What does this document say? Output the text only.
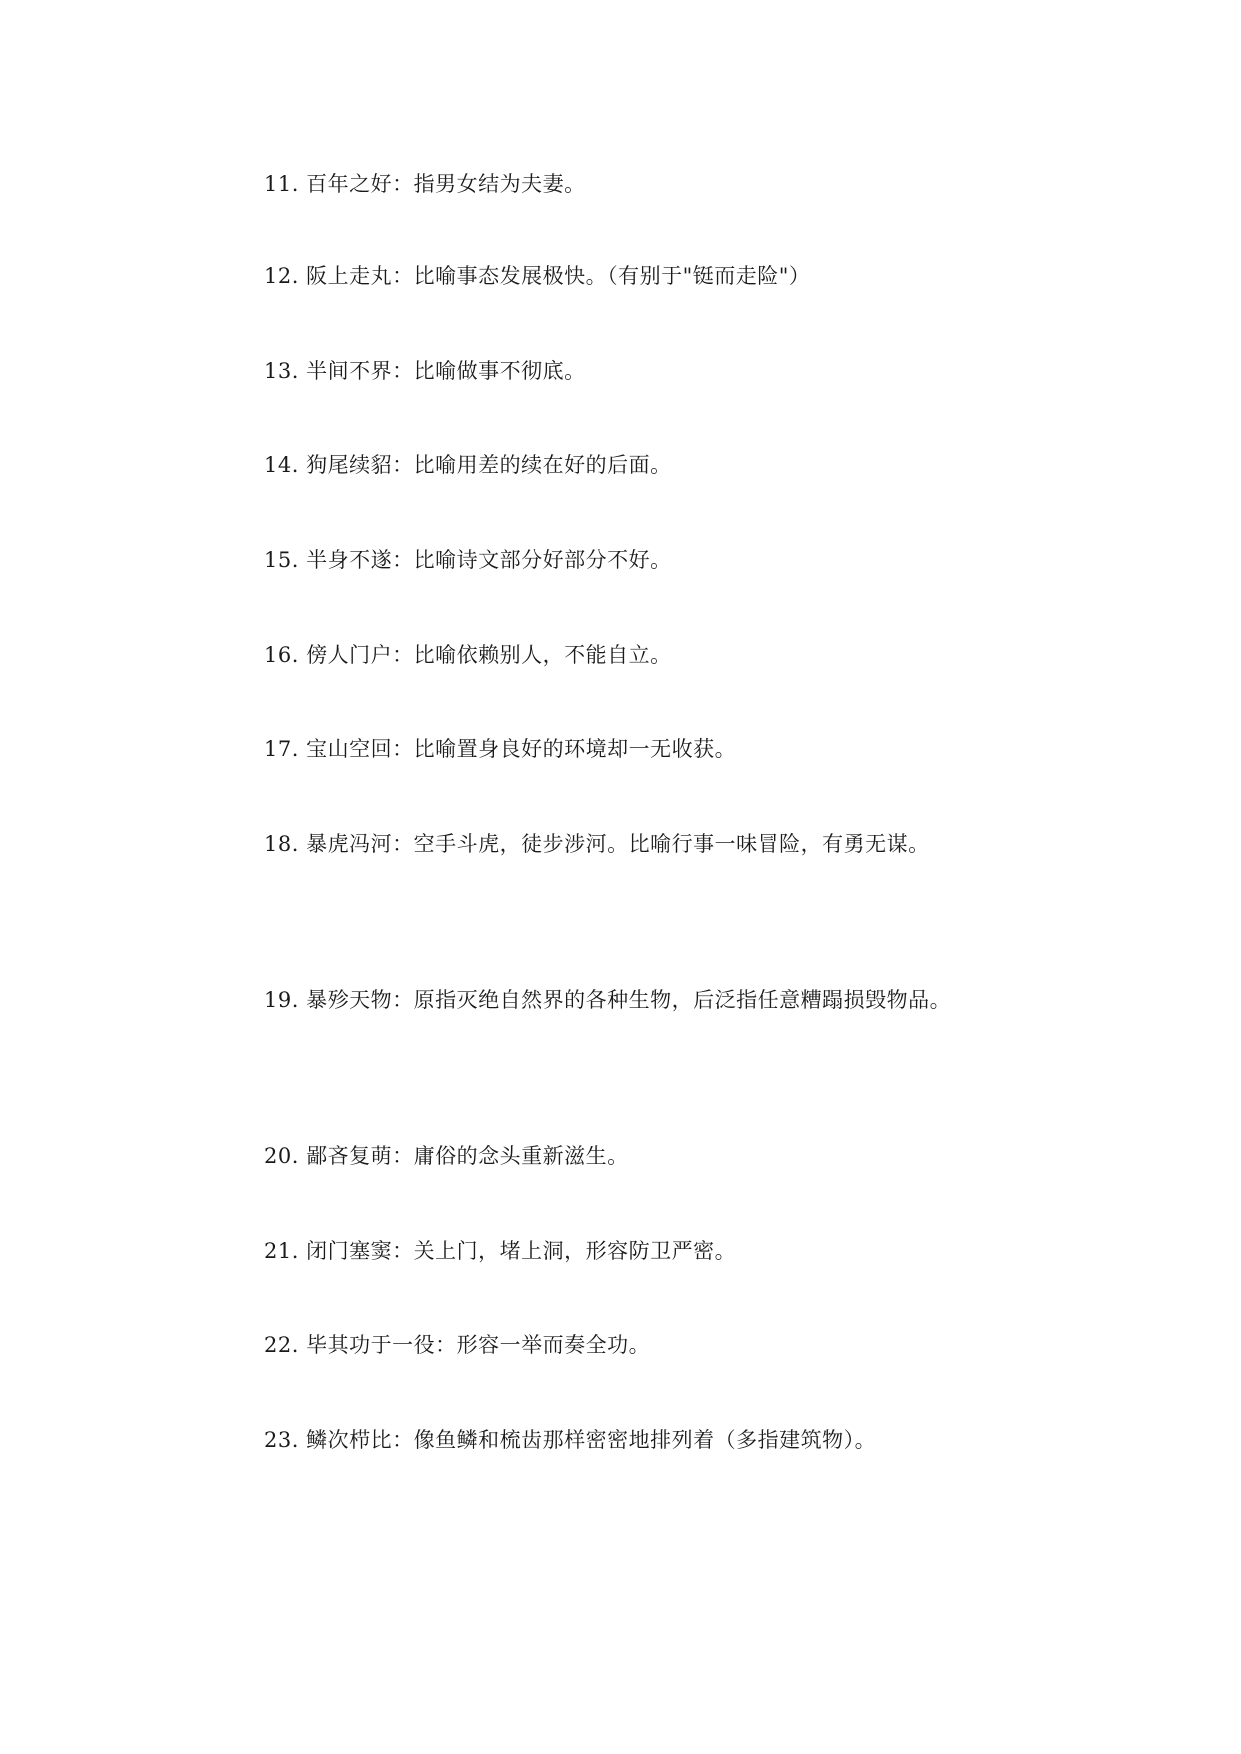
11. 百年之好：指男女结为夫妻。
12. 阪上走丸：比喻事态发展极快。（有别于"铤而走险"）
13. 半间不界：比喻做事不彻底。
14. 狗尾续貂：比喻用差的续在好的后面。
15. 半身不遂：比喻诗文部分好部分不好。
16. 傍人门户：比喻依赖别人，不能自立。
17. 宝山空回：比喻置身良好的环境却一无收获。
18. 暴虎冯河：空手斗虎，徒步涉河。比喻行事一味冒险，有勇无谋。
19. 暴殄天物：原指灭绝自然界的各种生物，后泛指任意糟蹋损毁物品。
20. 鄙吝复萌：庸俗的念头重新滋生。
21. 闭门塞窦：关上门，堵上洞，形容防卫严密。
22. 毕其功于一役：形容一举而奏全功。
23. 鳞次栉比：像鱼鳞和梳齿那样密密地排列着（多指建筑物）。
